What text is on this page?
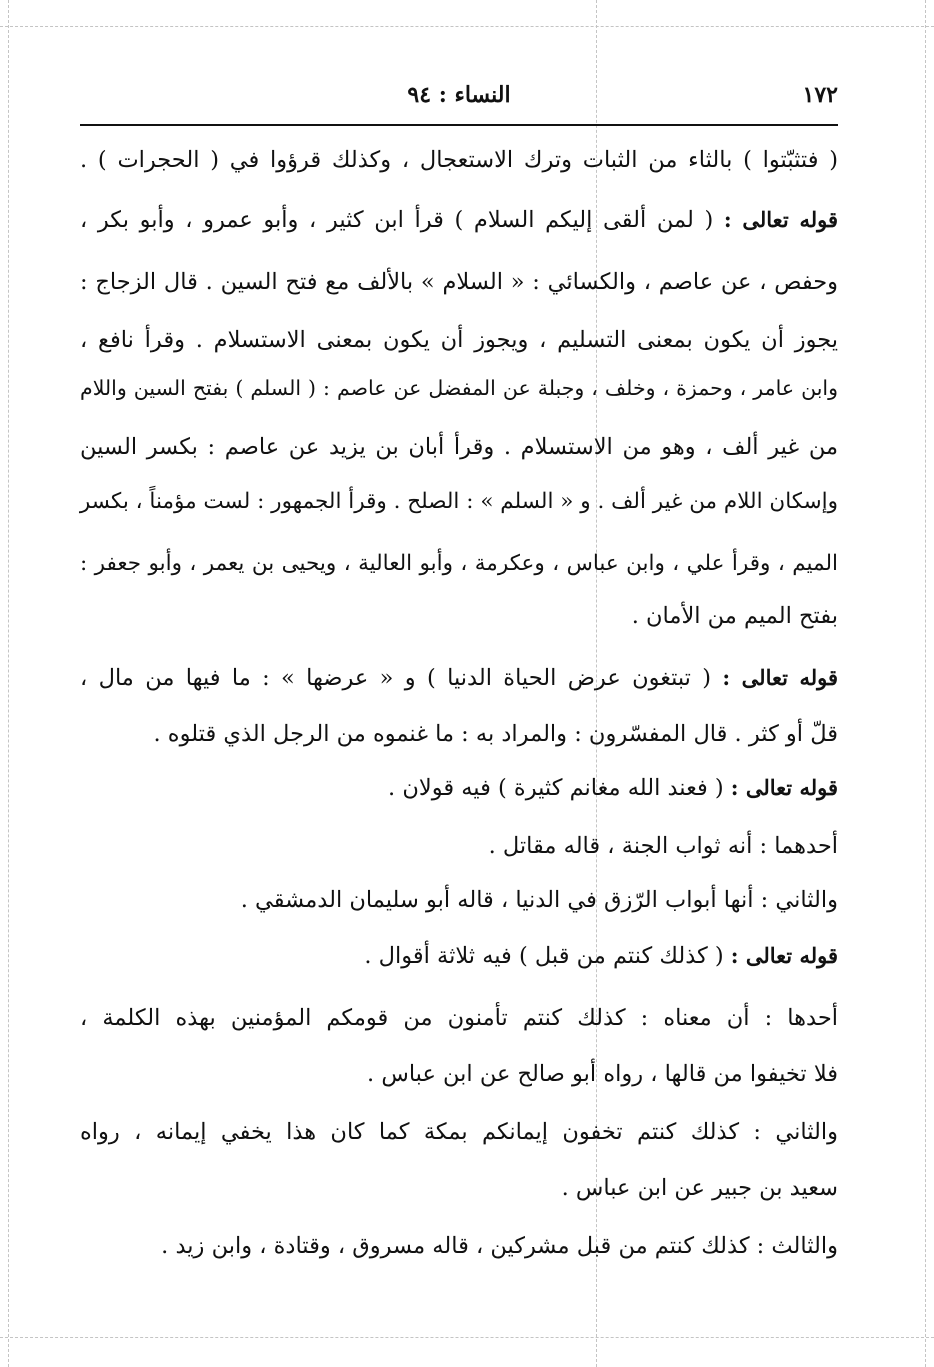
١٧٢
النساء : ٩٤
( فتثبّتوا ) بالثاء من الثبات وترك الاستعجال ، وكذلك قرؤوا في ( الحجرات ) .
قوله تعالى : ( لمن ألقى إليكم السلام ) قرأ ابن كثير ، وأبو عمرو ، وأبو بكر ،
وحفص ، عن عاصم ، والكسائي : « السلام » بالألف مع فتح السين . قال الزجاج :
يجوز أن يكون بمعنى التسليم ، ويجوز أن يكون بمعنى الاستسلام . وقرأ نافع ،
وابن عامر ، وحمزة ، وخلف ، وجبلة عن المفضل عن عاصم : ( السلم ) بفتح السين واللام
من غير ألف ، وهو من الاستسلام . وقرأ أبان بن يزيد عن عاصم : بكسر السين
وإسكان اللام من غير ألف . و « السلم » : الصلح . وقرأ الجمهور : لست مؤمناً ، بكسر
الميم ، وقرأ علي ، وابن عباس ، وعكرمة ، وأبو العالية ، ويحيى بن يعمر ، وأبو جعفر :
بفتح الميم من الأمان .
قوله تعالى : ( تبتغون عرض الحياة الدنيا ) و « عرضها » : ما فيها من مال ،
قلّ أو كثر . قال المفسّرون : والمراد به : ما غنموه من الرجل الذي قتلوه .
قوله تعالى : ( فعند الله مغانم كثيرة ) فيه قولان .
أحدهما : أنه ثواب الجنة ، قاله مقاتل .
والثاني : أنها أبواب الرّزق في الدنيا ، قاله أبو سليمان الدمشقي .
قوله تعالى : ( كذلك كنتم من قبل ) فيه ثلاثة أقوال .
أحدها : أن معناه : كذلك كنتم تأمنون من قومكم المؤمنين بهذه الكلمة ،
فلا تخيفوا من قالها ، رواه أبو صالح عن ابن عباس .
والثاني : كذلك كنتم تخفون إيمانكم بمكة كما كان هذا يخفي إيمانه ، رواه
سعيد بن جبير عن ابن عباس .
والثالث : كذلك كنتم من قبل مشركين ، قاله مسروق ، وقتادة ، وابن زيد .
